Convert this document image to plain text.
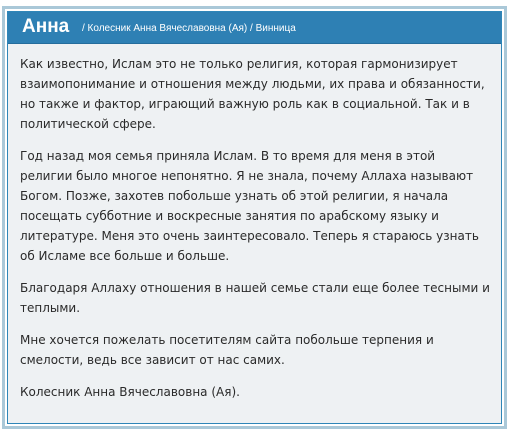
Анна / Колесник Анна Вячеславовна (Ая) / Винница

Как известно, Ислам это не только религия, которая гармонизирует взаимопонимание и отношения между людьми, их права и обязанности, но также и фактор, играющий важную роль как в социальной. Так и в политической сфере.

Год назад моя семья приняла Ислам. В то время для меня в этой религии было многое непонятно. Я не знала, почему Аллаха называют Богом. Позже, захотев побольше узнать об этой религии, я начала посещать субботние и воскресные занятия по арабскому языку и литературе. Меня это очень заинтересовало. Теперь я стараюсь узнать об Исламе все больше и больше.

Благодаря Аллаху отношения в нашей семье стали еще более тесными и теплыми.

Мне хочется пожелать посетителям сайта побольше терпения и смелости, ведь все зависит от нас самих.

Колесник Анна Вячеславовна (Ая).
